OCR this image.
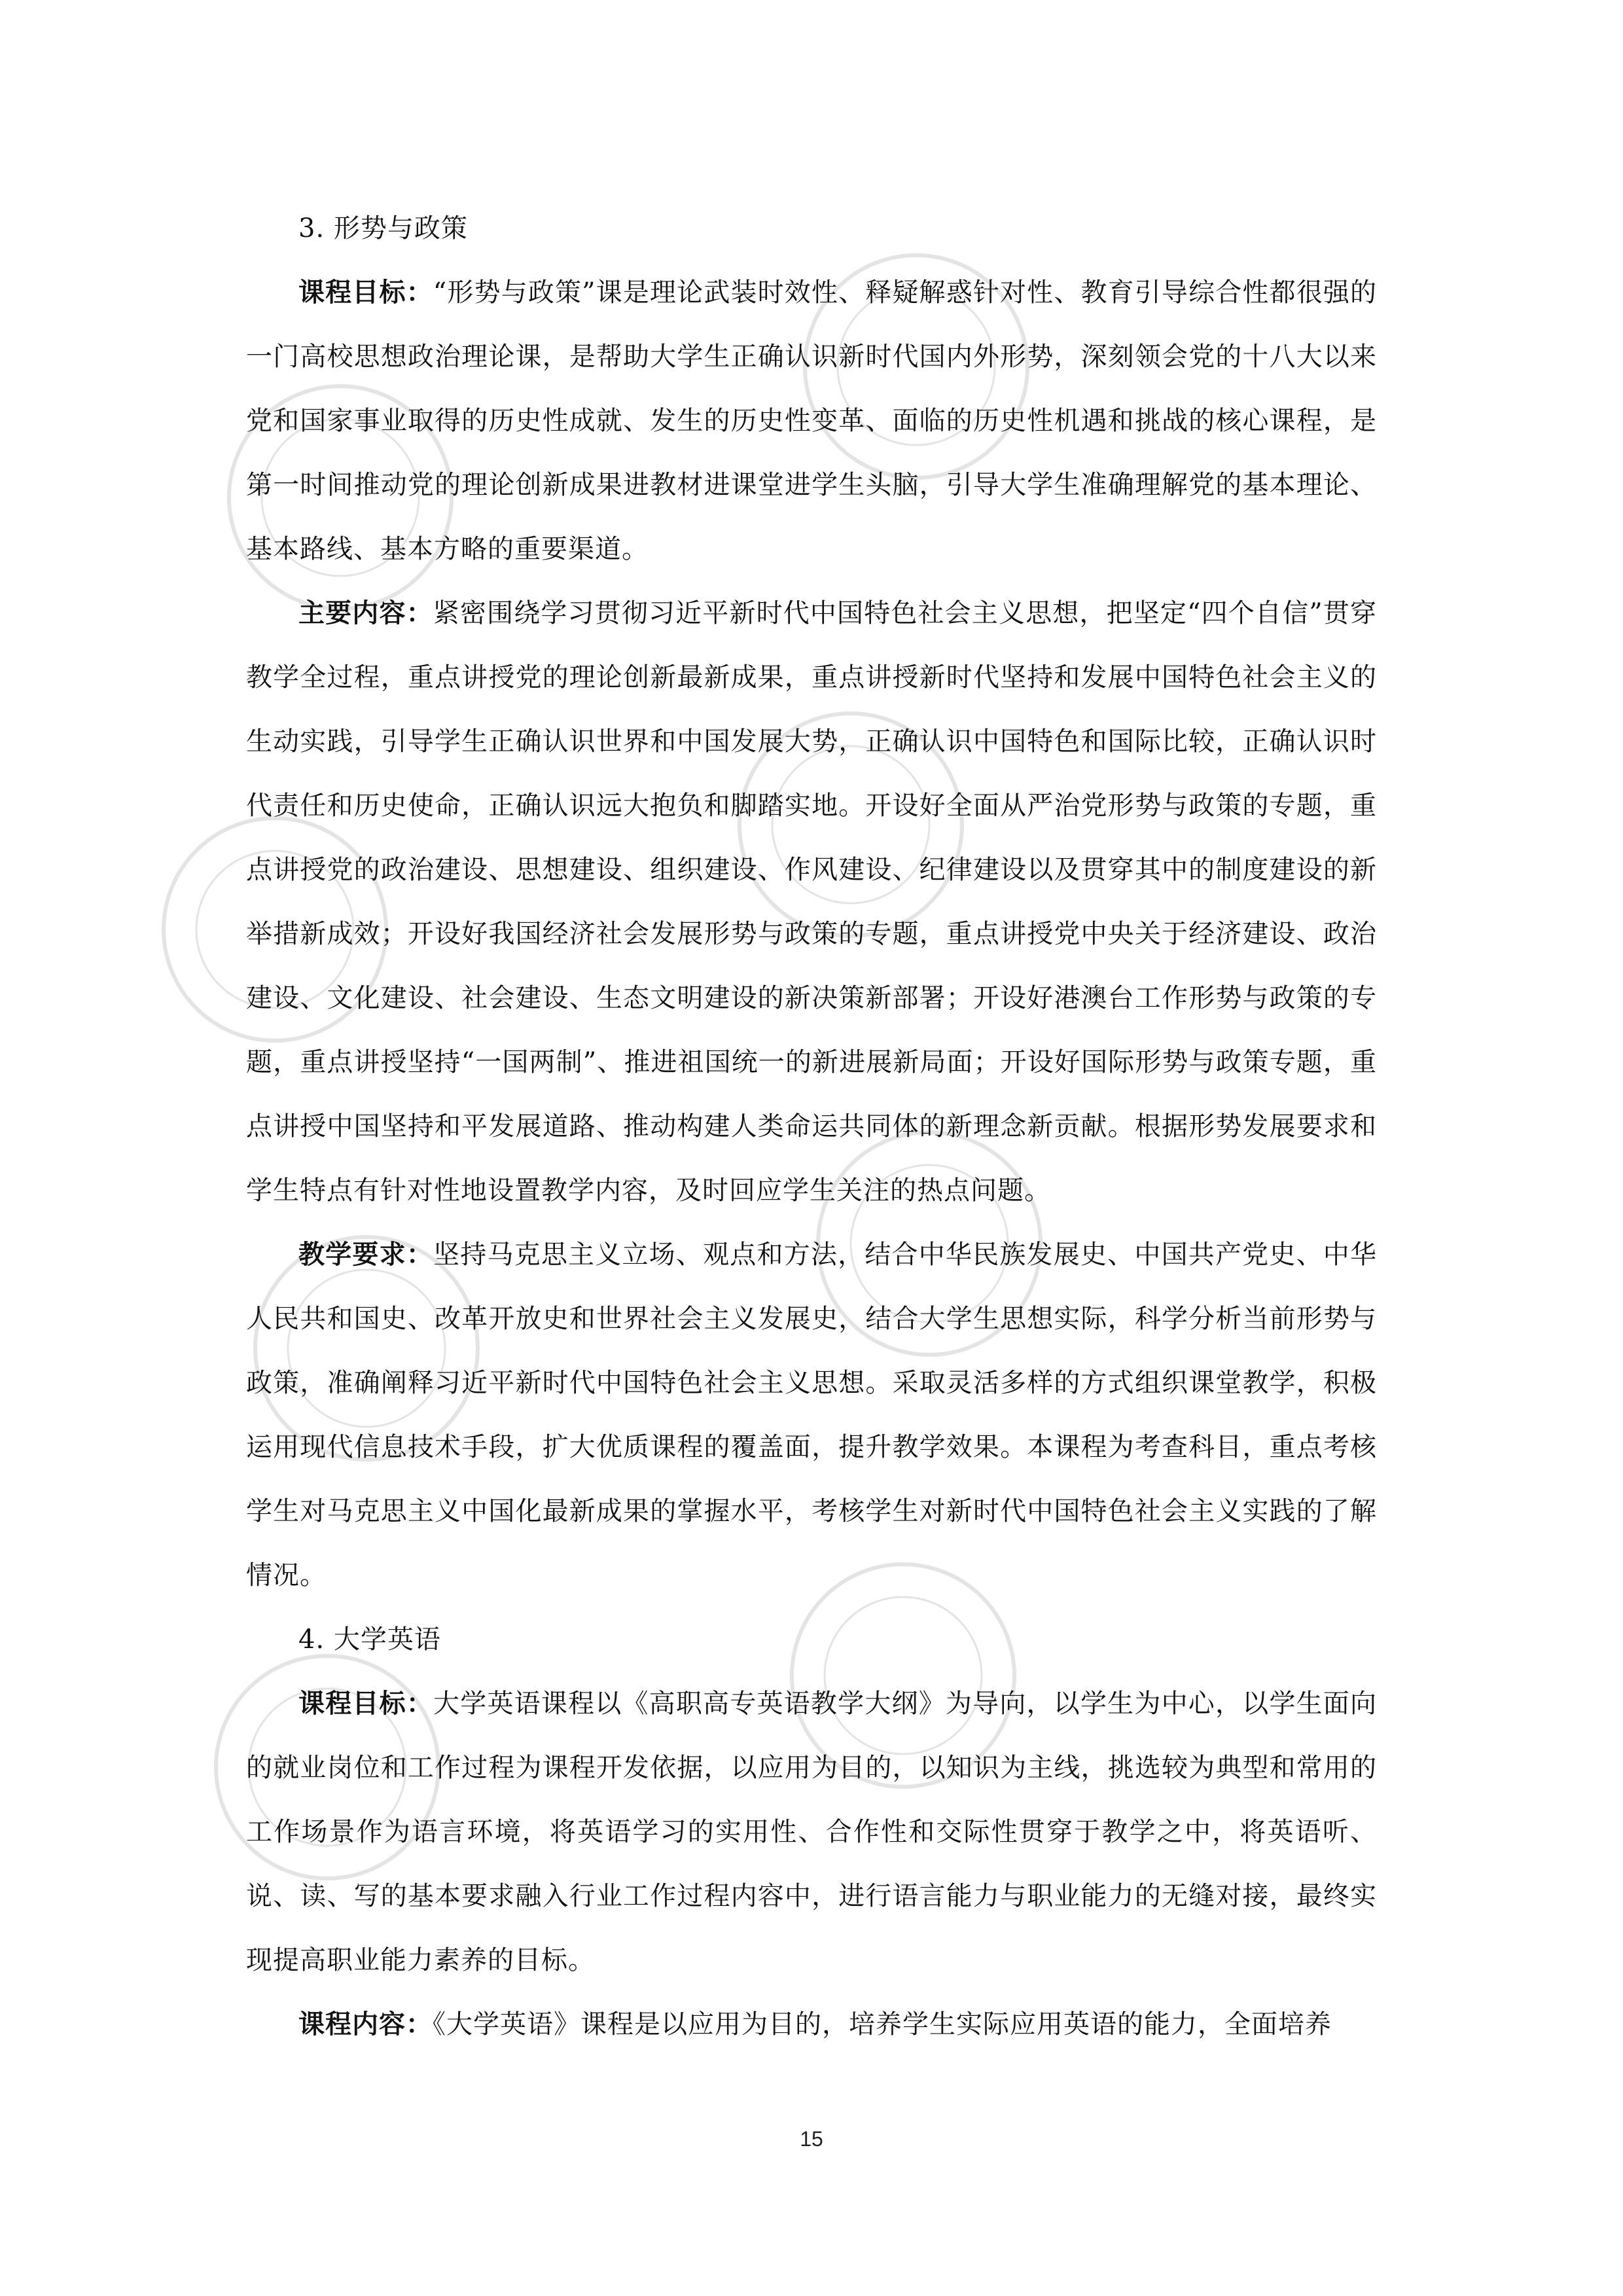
3. 形势与政策

课程目标：“形势与政策”课是理论武装时效性、释疑解惑针对性、教育引导综合性都很强的一门高校思想政治理论课，是帮助大学生正确认识新时代国内外形势，深刻领会党的十八大以来党和国家事业取得的历史性成就、发生的历史性变革、面临的历史性机遇和挑战的核心课程，是第一时间推动党的理论创新成果进教材进课堂进学生头脑，引导大学生准确理解党的基本理论、基本路线、基本方略的重要渠道。

主要内容：紧密围绕学习贯彻习近平新时代中国特色社会主义思想，把坚定“四个自信”贯穿教学全过程，重点讲授党的理论创新最新成果，重点讲授新时代坚持和发展中国特色社会主义的生动实践，引导学生正确认识世界和中国发展大势，正确认识中国特色和国际比较，正确认识时代责任和历史使命，正确认识远大抱负和脚踏实地。开设好全面从严治党形势与政策的专题，重点讲授党的政治建设、思想建设、组织建设、作风建设、纪律建设以及贯穿其中的制度建设的新举措新成效；开设好我国经济社会发展形势与政策的专题，重点讲授党中央关于经济建设、政治建设、文化建设、社会建设、生态文明建设的新决策新部署；开设好港澳台工作形势与政策的专题，重点讲授坚持“一国两制”、推进祖国统一的新进展新局面；开设好国际形势与政策专题，重点讲授中国坚持和平发展道路、推动构建人类命运共同体的新理念新贡献。根据形势发展要求和学生特点有针对性地设置教学内容，及时回应学生关注的热点问题。

教学要求：坚持马克思主义立场、观点和方法，结合中华民族发展史、中国共产党史、中华人民共和国史、改革开放史和世界社会主义发展史，结合大学生思想实际，科学分析当前形势与政策，准确阐释习近平新时代中国特色社会主义思想。采取灵活多样的方式组织课堂教学，积极运用现代信息技术手段，扩大优质课程的覆盖面，提升教学效果。本课程为考查科目，重点考核学生对马克思主义中国化最新成果的掌握水平，考核学生对新时代中国特色社会主义实践的了解情况。

4. 大学英语

课程目标：大学英语课程以《高职高专英语教学大纲》为导向，以学生为中心，以学生面向的就业岗位和工作过程为课程开发依据，以应用为目的，以知识为主线，挑选较为典型和常用的工作场景作为语言环境，将英语学习的实用性、合作性和交际性贯穿于教学之中，将英语听、说、读、写的基本要求融入行业工作过程内容中，进行语言能力与职业能力的无缝对接，最终实现提高职业能力素养的目标。

课程内容：《大学英语》课程是以应用为目的，培养学生实际应用英语的能力，全面培养

15
